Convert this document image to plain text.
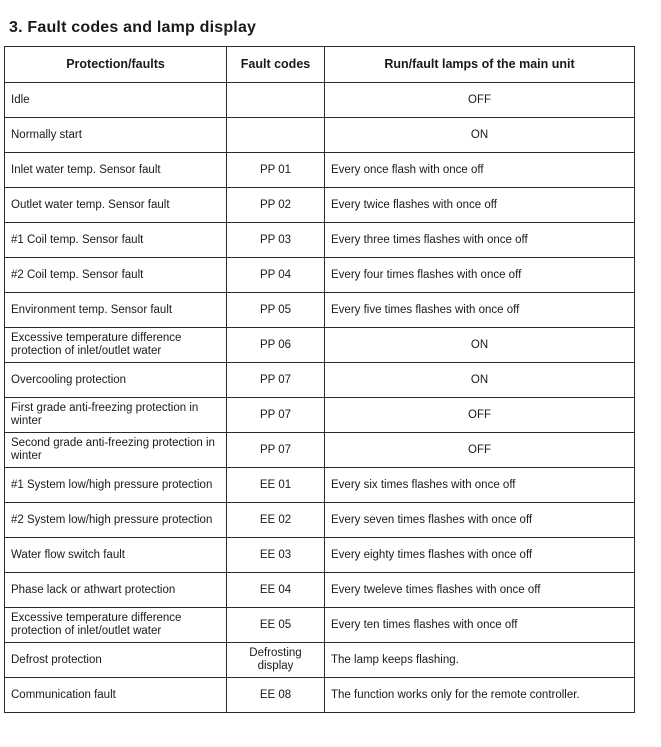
3. Fault codes and lamp display
Protection/faults	Fault codes	Run/fault lamps of the main unit
Idle		OFF
Normally start		ON
Inlet water temp. Sensor fault	PP 01	Every once flash with once off
Outlet water temp. Sensor fault	PP 02	Every twice flashes with once off
#1 Coil temp. Sensor fault	PP 03	Every three times flashes with once off
#2 Coil temp. Sensor fault	PP 04	Every four times flashes with once off
Environment temp. Sensor fault	PP 05	Every five times flashes with once off
Excessive temperature difference protection of inlet/outlet water	PP 06	ON
Overcooling protection	PP 07	ON
First grade anti-freezing protection in winter	PP 07	OFF
Second grade anti-freezing protection in winter	PP 07	OFF
#1 System low/high pressure protection	EE 01	Every six times flashes with once off
#2 System low/high pressure protection	EE 02	Every seven times flashes with once off
Water flow switch fault	EE 03	Every eighty times flashes with once off
Phase lack or athwart protection	EE 04	Every tweleve times flashes with once off
Excessive temperature difference protection of inlet/outlet water	EE 05	Every ten times flashes with once off
Defrost protection	Defrosting display	The lamp keeps flashing.
Communication fault	EE 08	The function works only for the remote controller.
